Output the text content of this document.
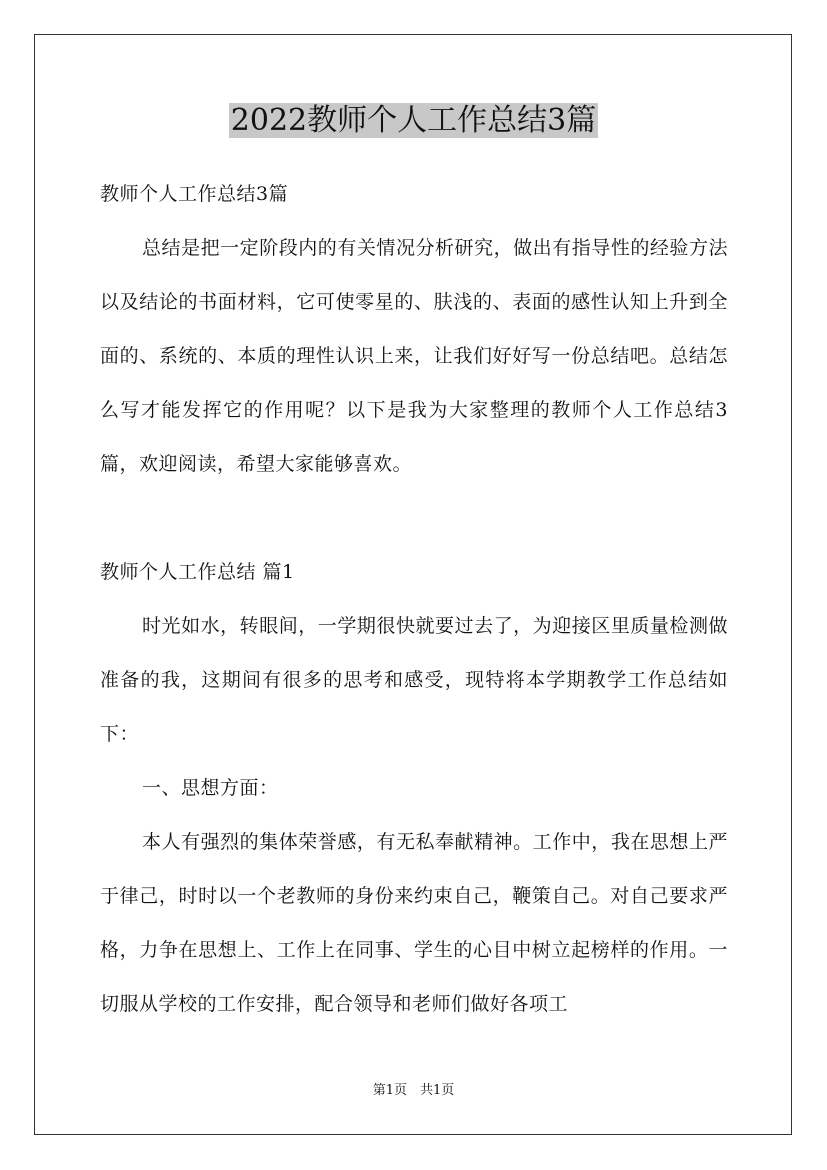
2022教师个人工作总结3篇

教师个人工作总结3篇

总结是把一定阶段内的有关情况分析研究，做出有指导性的经验方法以及结论的书面材料，它可使零星的、肤浅的、表面的感性认知上升到全面的、系统的、本质的理性认识上来，让我们好好写一份总结吧。总结怎么写才能发挥它的作用呢？以下是我为大家整理的教师个人工作总结3篇，欢迎阅读，希望大家能够喜欢。

教师个人工作总结 篇1

时光如水，转眼间，一学期很快就要过去了，为迎接区里质量检测做准备的我，这期间有很多的思考和感受，现特将本学期教学工作总结如下：

一、思想方面：

本人有强烈的集体荣誉感，有无私奉献精神。工作中，我在思想上严于律己，时时以一个老教师的身份来约束自己，鞭策自己。对自己要求严格，力争在思想上、工作上在同事、学生的心目中树立起榜样的作用。一切服从学校的工作安排，配合领导和老师们做好各项工

第1页　共1页
